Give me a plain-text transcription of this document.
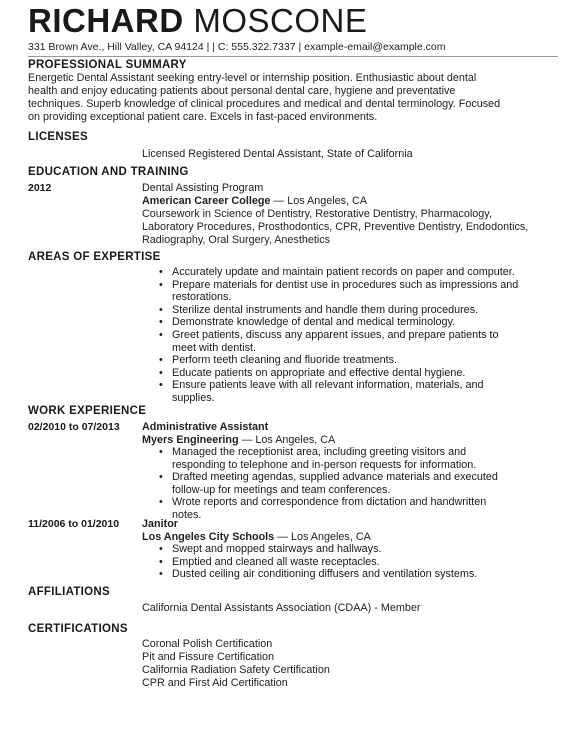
RICHARD MOSCONE
331 Brown Ave., Hill Valley, CA 94124 | | C: 555.322.7337 | example-email@example.com
PROFESSIONAL SUMMARY
Energetic Dental Assistant seeking entry-level or internship position. Enthusiastic about dental
health and enjoy educating patients about personal dental care, hygiene and preventative
techniques. Superb knowledge of clinical procedures and medical and dental terminology. Focused
on providing exceptional patient care. Excels in fast-paced environments.
LICENSES
Licensed Registered Dental Assistant, State of California
EDUCATION AND TRAINING
2012	Dental Assisting Program
American Career College — Los Angeles, CA
Coursework in Science of Dentistry, Restorative Dentistry, Pharmacology,
Laboratory Procedures, Prosthodontics, CPR, Preventive Dentistry, Endodontics,
Radiography, Oral Surgery, Anesthetics
AREAS OF EXPERTISE
• Accurately update and maintain patient records on paper and computer.
• Prepare materials for dentist use in procedures such as impressions and
restorations.
• Sterilize dental instruments and handle them during procedures.
• Demonstrate knowledge of dental and medical terminology.
• Greet patients, discuss any apparent issues, and prepare patients to
meet with dentist.
• Perform teeth cleaning and fluoride treatments.
• Educate patients on appropriate and effective dental hygiene.
• Ensure patients leave with all relevant information, materials, and
supplies.
WORK EXPERIENCE
02/2010 to 07/2013 Administrative Assistant
Myers Engineering — Los Angeles, CA
• Managed the receptionist area, including greeting visitors and
responding to telephone and in-person requests for information.
• Drafted meeting agendas, supplied advance materials and executed
follow-up for meetings and team conferences.
• Wrote reports and correspondence from dictation and handwritten
notes.
11/2006 to 01/2010 Janitor
Los Angeles City Schools — Los Angeles, CA
• Swept and mopped stairways and hallways.
• Emptied and cleaned all waste receptacles.
• Dusted ceiling air conditioning diffusers and ventilation systems.
AFFILIATIONS
California Dental Assistants Association (CDAA) - Member
CERTIFICATIONS
Coronal Polish Certification
Pit and Fissure Certification
California Radiation Safety Certification
CPR and First Aid Certification
